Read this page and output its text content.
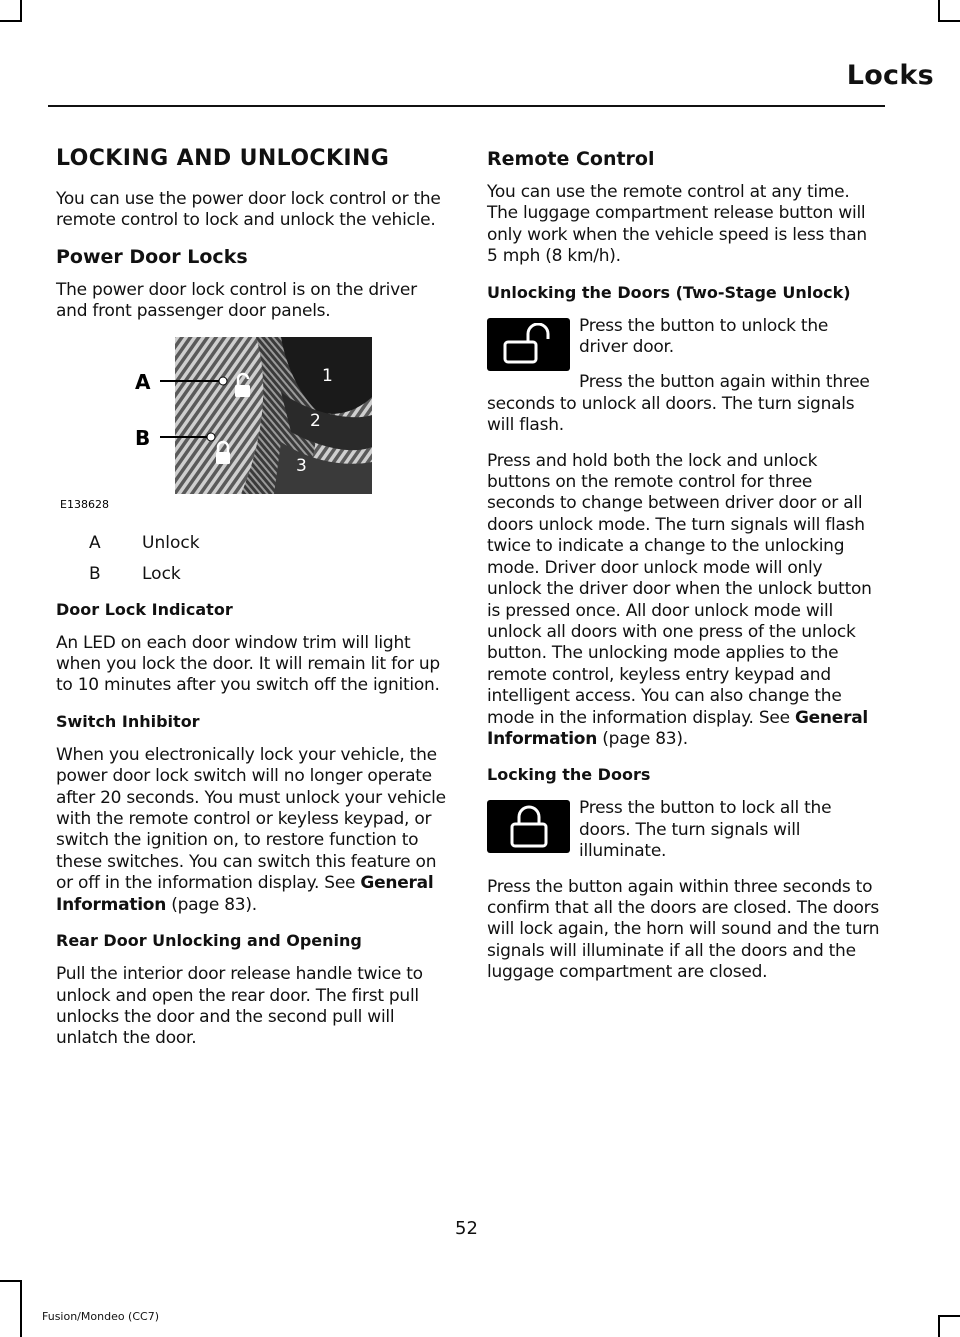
Locks
LOCKING AND UNLOCKING

You can use the power door lock control or the remote control to lock and unlock the vehicle.

Power Door Locks

The power door lock control is on the driver and front passenger door panels.

1
2
3
A
B
E138628
A	Unlock
B	Lock
Door Lock Indicator

An LED on each door window trim will light when you lock the door. It will remain lit for up to 10 minutes after you switch off the ignition.

Switch Inhibitor

When you electronically lock your vehicle, the power door lock switch will no longer operate after 20 seconds. You must unlock your vehicle with the remote control or keyless keypad, or switch the ignition on, to restore function to these switches. You can switch this feature on or off in the information display. See General Information (page 83).

Rear Door Unlocking and Opening

Pull the interior door release handle twice to unlock and open the rear door. The first pull unlocks the door and the second pull will unlatch the door.

Remote Control

You can use the remote control at any time. The luggage compartment release button will only work when the vehicle speed is less than 5 mph (8 km/h).

Unlocking the Doors (Two-Stage Unlock)

Press the button to unlock the driver door.

Press the button again within three seconds to unlock all doors. The turn signals will flash.

Press and hold both the lock and unlock buttons on the remote control for three seconds to change between driver door or all doors unlock mode. The turn signals will flash twice to indicate a change to the unlocking mode. Driver door unlock mode will only unlock the driver door when the unlock button is pressed once. All door unlock mode will unlock all doors with one press of the unlock button. The unlocking mode applies to the remote control, keyless entry keypad and intelligent access. You can also change the mode in the information display. See General Information (page 83).

Locking the Doors

Press the button to lock all the doors. The turn signals will illuminate.

Press the button again within three seconds to confirm that all the doors are closed. The doors will lock again, the horn will sound and the turn signals will illuminate if all the doors and the luggage compartment are closed.

52
Fusion/Mondeo (CC7)
